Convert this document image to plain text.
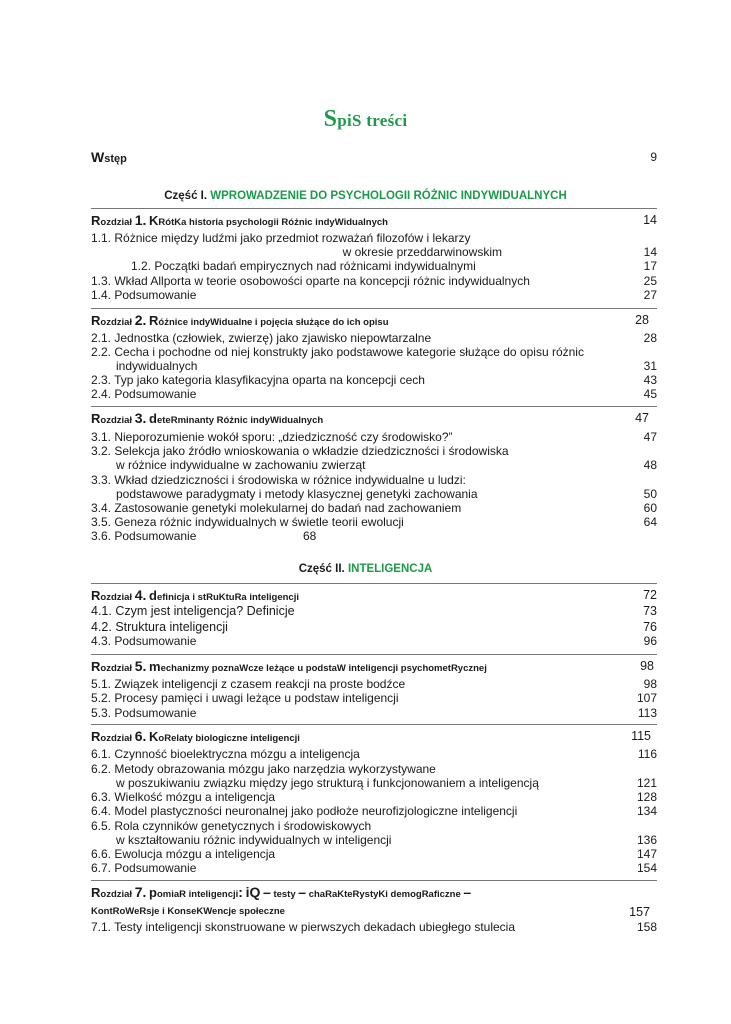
SpiS treści
Wstęp	9
Część I. WPROWADZENIE DO PSYCHOLOGII RÓŻNIC INDYWIDUALNYCH
Rozdział 1. KRótKa historia psychologii Różnic indyWidualnych	14
1.1. Różnice między ludźmi jako przedmiot rozważań filozofów i lekarzy
w okresie przeddarwinowskim	14
1.2. Początki badań empirycznych nad różnicami indywidualnymi	17
1.3. Wkład Allporta w teorie osobowości oparte na koncepcji różnic indywidualnych	25
1.4. Podsumowanie	27
Rozdział 2. Różnice indyWidualne i pojęcia służące do ich opisu	28
2.1. Jednostka (człowiek, zwierzę) jako zjawisko niepowtarzalne	28
2.2. Cecha i pochodne od niej konstrukty jako podstawowe kategorie służące do opisu różnic
indywidualnych	31
2.3. Typ jako kategoria klasyfikacyjna oparta na koncepcji cech	43
2.4. Podsumowanie	45
Rozdział 3. deteRminanty Różnic indyWidualnych	47
3.1. Nieporozumienie wokół sporu: „dziedziczność czy środowisko?”	47
3.2. Selekcja jako źródło wnioskowania o wkładzie dziedziczności i środowiska
w różnice indywidualne w zachowaniu zwierząt	48
3.3. Wkład dziedziczności i środowiska w różnice indywidualne u ludzi:
podstawowe paradygmaty i metody klasycznej genetyki zachowania	50
3.4. Zastosowanie genetyki molekularnej do badań nad zachowaniem	60
3.5. Geneza różnic indywidualnych w świetle teorii ewolucji	64
3.6. Podsumowanie	68
Część II. INTELIGENCJA
Rozdział 4. definicja i stRuKtuRa inteligencji	72
4.1. Czym jest inteligencja? Definicje	73
4.2. Struktura inteligencji	76
4.3. Podsumowanie	96
Rozdział 5. mechanizmy poznaWcze leżące u podstaW inteligencji psychometRycznej	98
5.1. Związek inteligencji z czasem reakcji na proste bodźce	98
5.2. Procesy pamięci i uwagi leżące u podstaw inteligencji	107
5.3. Podsumowanie	113
Rozdział 6. KoRelaty biologiczne inteligencji	115
6.1. Czynność bioelektryczna mózgu a inteligencja	116
6.2. Metody obrazowania mózgu jako narzędzia wykorzystywane
w poszukiwaniu związku między jego strukturą i funkcjonowaniem a inteligencją	121
6.3. Wielkość mózgu a inteligencja	128
6.4. Model plastyczności neuronalnej jako podłoże neurofizjologiczne inteligencji	134
6.5. Rola czynników genetycznych i środowiskowych
w kształtowaniu różnic indywidualnych w inteligencji	136
6.6. Ewolucja mózgu a inteligencja	147
6.7. Podsumowanie	154
Rozdział 7. pomiaR inteligencji: iQ – testy – chaRaKteRystyKi demogRaficzne –
KontRoWeRsje i KonseKWencje społeczne	157
7.1. Testy inteligencji skonstruowane w pierwszych dekadach ubiegłego stulecia	158
